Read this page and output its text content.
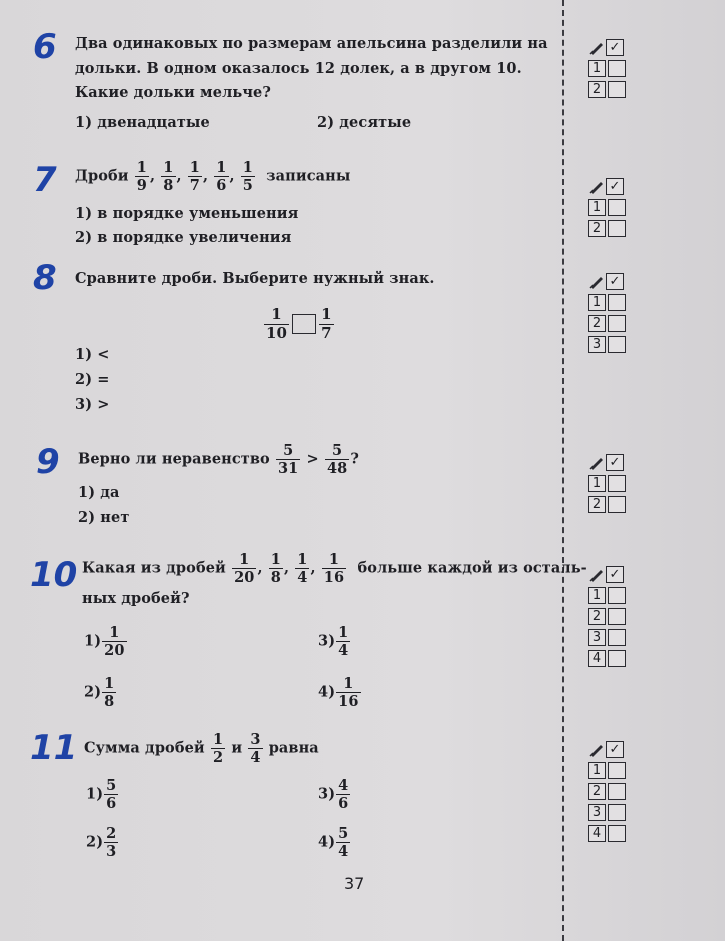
6 Два одинаковых по размерам апельсина разделили на
дольки. В одном оказалось 12 долек, а в другом 10.
Какие дольки мельче?
1) двенадцатые	2) десятые
✓
1
2
7 Дроби $\frac{1}{9}$ , $\frac{1}{8}$ , $\frac{1}{7}$ , $\frac{1}{6}$ , $\frac{1}{5}$ записаны
1) в порядке уменьшения
2) в порядке увеличения
✓
1
2
8 Сравните дроби. Выберите нужный знак.
$\frac{1}{10} \frac{1}{7}$
1) <
2) =
3) >
✓
1
2
3
9 Верно ли неравенство $\frac{5}{31} > \frac{5}{48}$ ?
1) да
2) нет
✓
1
2
10 Какая из дробей $\frac{1}{20}$ , $\frac{1}{8}$ , $\frac{1}{4}$ , $\frac{1}{16}$ больше каждой из осталь-
ных дробей?
$1) \frac{1}{20}$	$3) \frac{1}{4}$
$2) \frac{1}{8}$	$4) \frac{1}{16}$
✓
1
2
3
4
11 Сумма дробей $\frac{1}{2}$ и $\frac{3}{4}$ равна
$1) \frac{5}{6}$	$3) \frac{4}{6}$
$2) \frac{2}{3}$	$4) \frac{5}{4}$
✓
1
2
3
4
37
